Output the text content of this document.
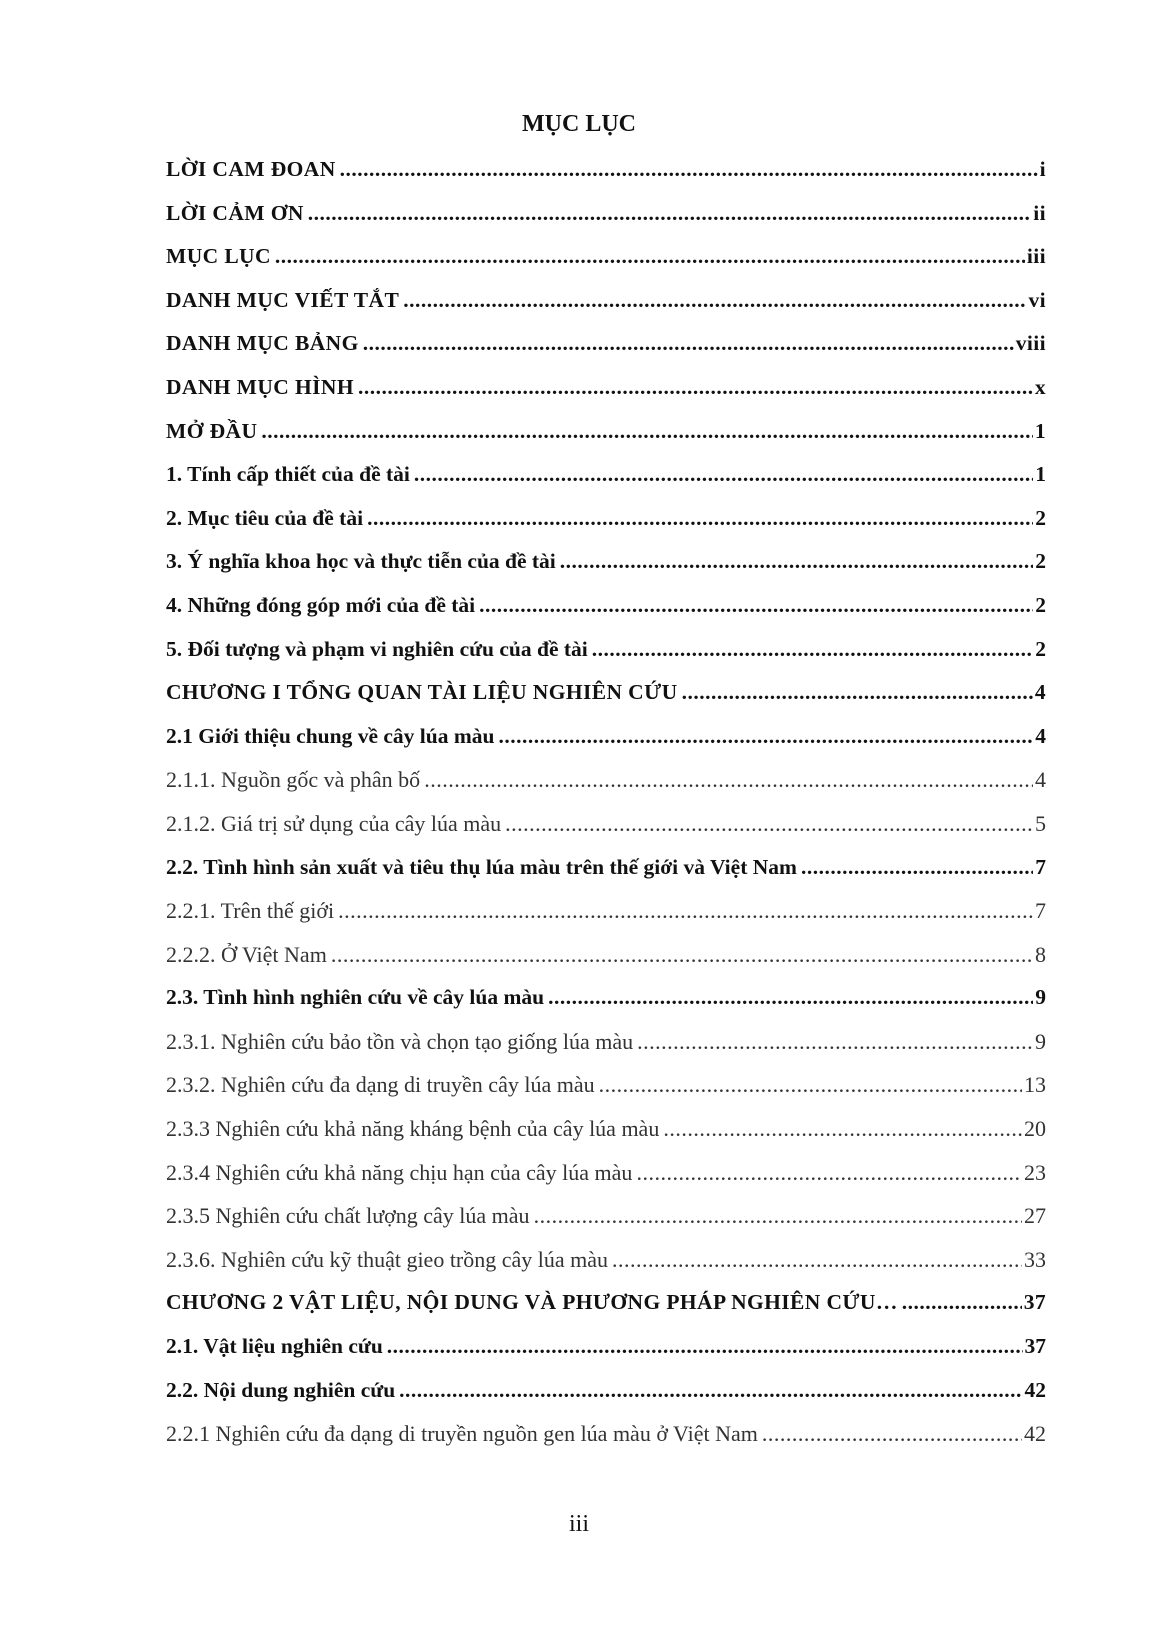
MỤC LỤC
LỜI CAM ĐOAN .....	i
LỜI CẢM ƠN .....	ii
MỤC LỤC .....	iii
DANH MỤC VIẾT TẮT .....	vi
DANH MỤC BẢNG .....	viii
DANH MỤC HÌNH .....	x
MỞ ĐẦU .....	1
1. Tính cấp thiết của đề tài .....	1
2. Mục tiêu của đề tài .....	2
3. Ý nghĩa khoa học và thực tiễn của đề tài .....	2
4. Những đóng góp mới của đề tài .....	2
5. Đối tượng và phạm vi nghiên cứu của đề tài .....	2
CHƯƠNG I TỔNG QUAN TÀI LIỆU NGHIÊN CỨU .....	4
2.1 Giới thiệu chung về cây lúa màu .....	4
2.1.1. Nguồn gốc và phân bố .....	4
2.1.2. Giá trị sử dụng của cây lúa màu .....	5
2.2. Tình hình sản xuất và tiêu thụ lúa màu trên thế giới và Việt Nam .....	7
2.2.1. Trên thế giới .....	7
2.2.2. Ở Việt Nam .....	8
2.3. Tình hình nghiên cứu về cây lúa màu .....	9
2.3.1. Nghiên cứu bảo tồn và chọn tạo giống lúa màu .....	9
2.3.2. Nghiên cứu đa dạng di truyền cây lúa màu .....	13
2.3.3 Nghiên cứu khả năng kháng bệnh của cây lúa màu .....	20
2.3.4 Nghiên cứu khả năng chịu hạn của cây lúa màu .....	23
2.3.5 Nghiên cứu chất lượng cây lúa màu .....	27
2.3.6. Nghiên cứu kỹ thuật gieo trồng cây lúa màu .....	33
CHƯƠNG 2 VẬT LIỆU, NỘI DUNG VÀ PHƯƠNG PHÁP NGHIÊN CỨU… .....	37
2.1. Vật liệu nghiên cứu .....	37
2.2. Nội dung nghiên cứu .....	42
2.2.1 Nghiên cứu đa dạng di truyền nguồn gen lúa màu ở Việt Nam .....	42
iii
